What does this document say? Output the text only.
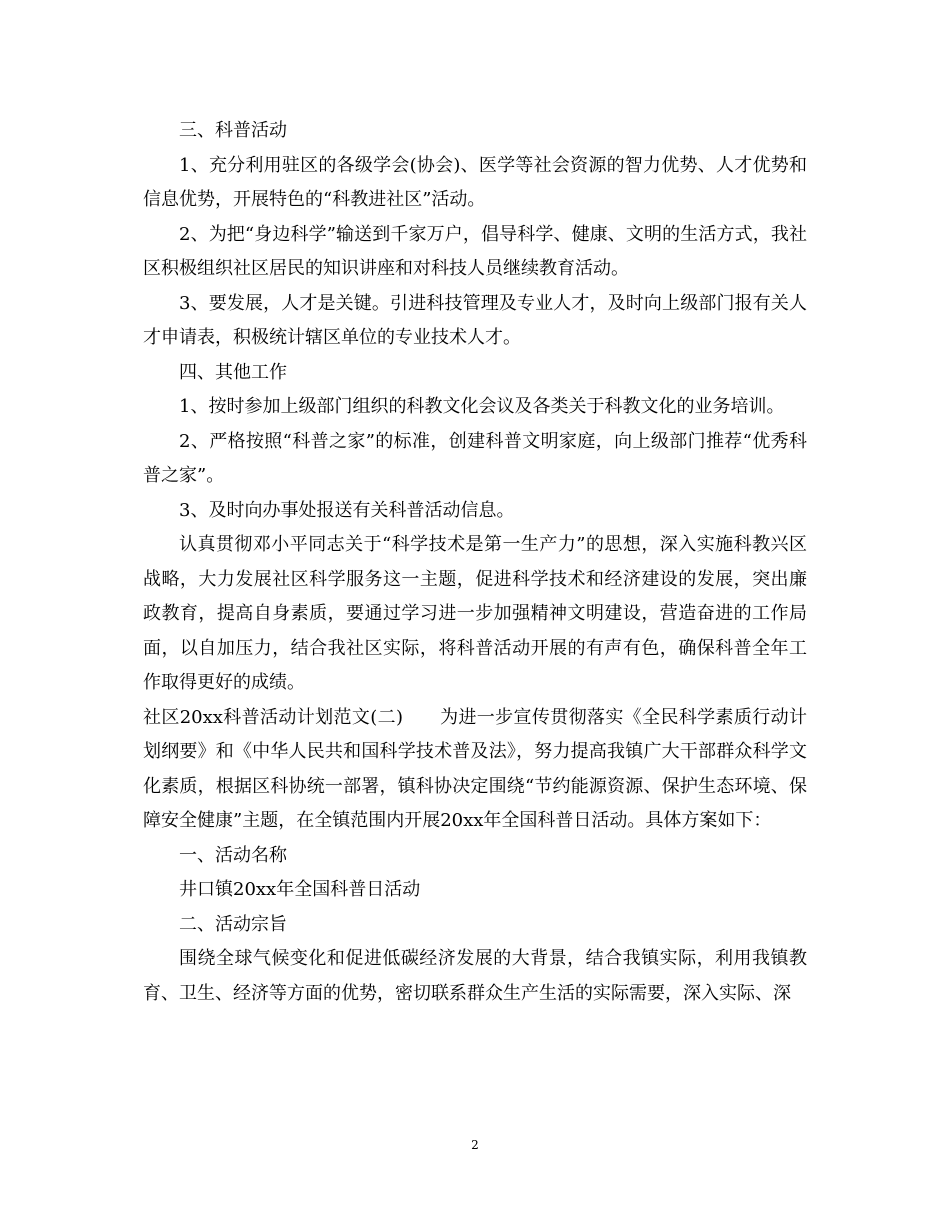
三、科普活动

1、充分利用驻区的各级学会(协会)、医学等社会资源的智力优势、人才优势和信息优势，开展特色的“科教进社区”活动。

2、为把“身边科学”输送到千家万户，倡导科学、健康、文明的生活方式，我社区积极组织社区居民的知识讲座和对科技人员继续教育活动。

3、要发展，人才是关键。引进科技管理及专业人才，及时向上级部门报有关人才申请表，积极统计辖区单位的专业技术人才。

四、其他工作

1、按时参加上级部门组织的科教文化会议及各类关于科教文化的业务培训。

2、严格按照“科普之家”的标准，创建科普文明家庭，向上级部门推荐“优秀科普之家”。

3、及时向办事处报送有关科普活动信息。

认真贯彻邓小平同志关于“科学技术是第一生产力”的思想，深入实施科教兴区战略，大力发展社区科学服务这一主题，促进科学技术和经济建设的发展，突出廉政教育，提高自身素质，要通过学习进一步加强精神文明建设，营造奋进的工作局面，以自加压力，结合我社区实际，将科普活动开展的有声有色，确保科普全年工作取得更好的成绩。

社区20xx科普活动计划范文(二)　　为进一步宣传贯彻落实《全民科学素质行动计划纲要》和《中华人民共和国科学技术普及法》，努力提高我镇广大干部群众科学文化素质，根据区科协统一部署，镇科协决定围绕“节约能源资源、保护生态环境、保障安全健康”主题，在全镇范围内开展20xx年全国科普日活动。具体方案如下：

一、活动名称

井口镇20xx年全国科普日活动

二、活动宗旨

围绕全球气候变化和促进低碳经济发展的大背景，结合我镇实际，利用我镇教育、卫生、经济等方面的优势，密切联系群众生产生活的实际需要，深入实际、深

2
